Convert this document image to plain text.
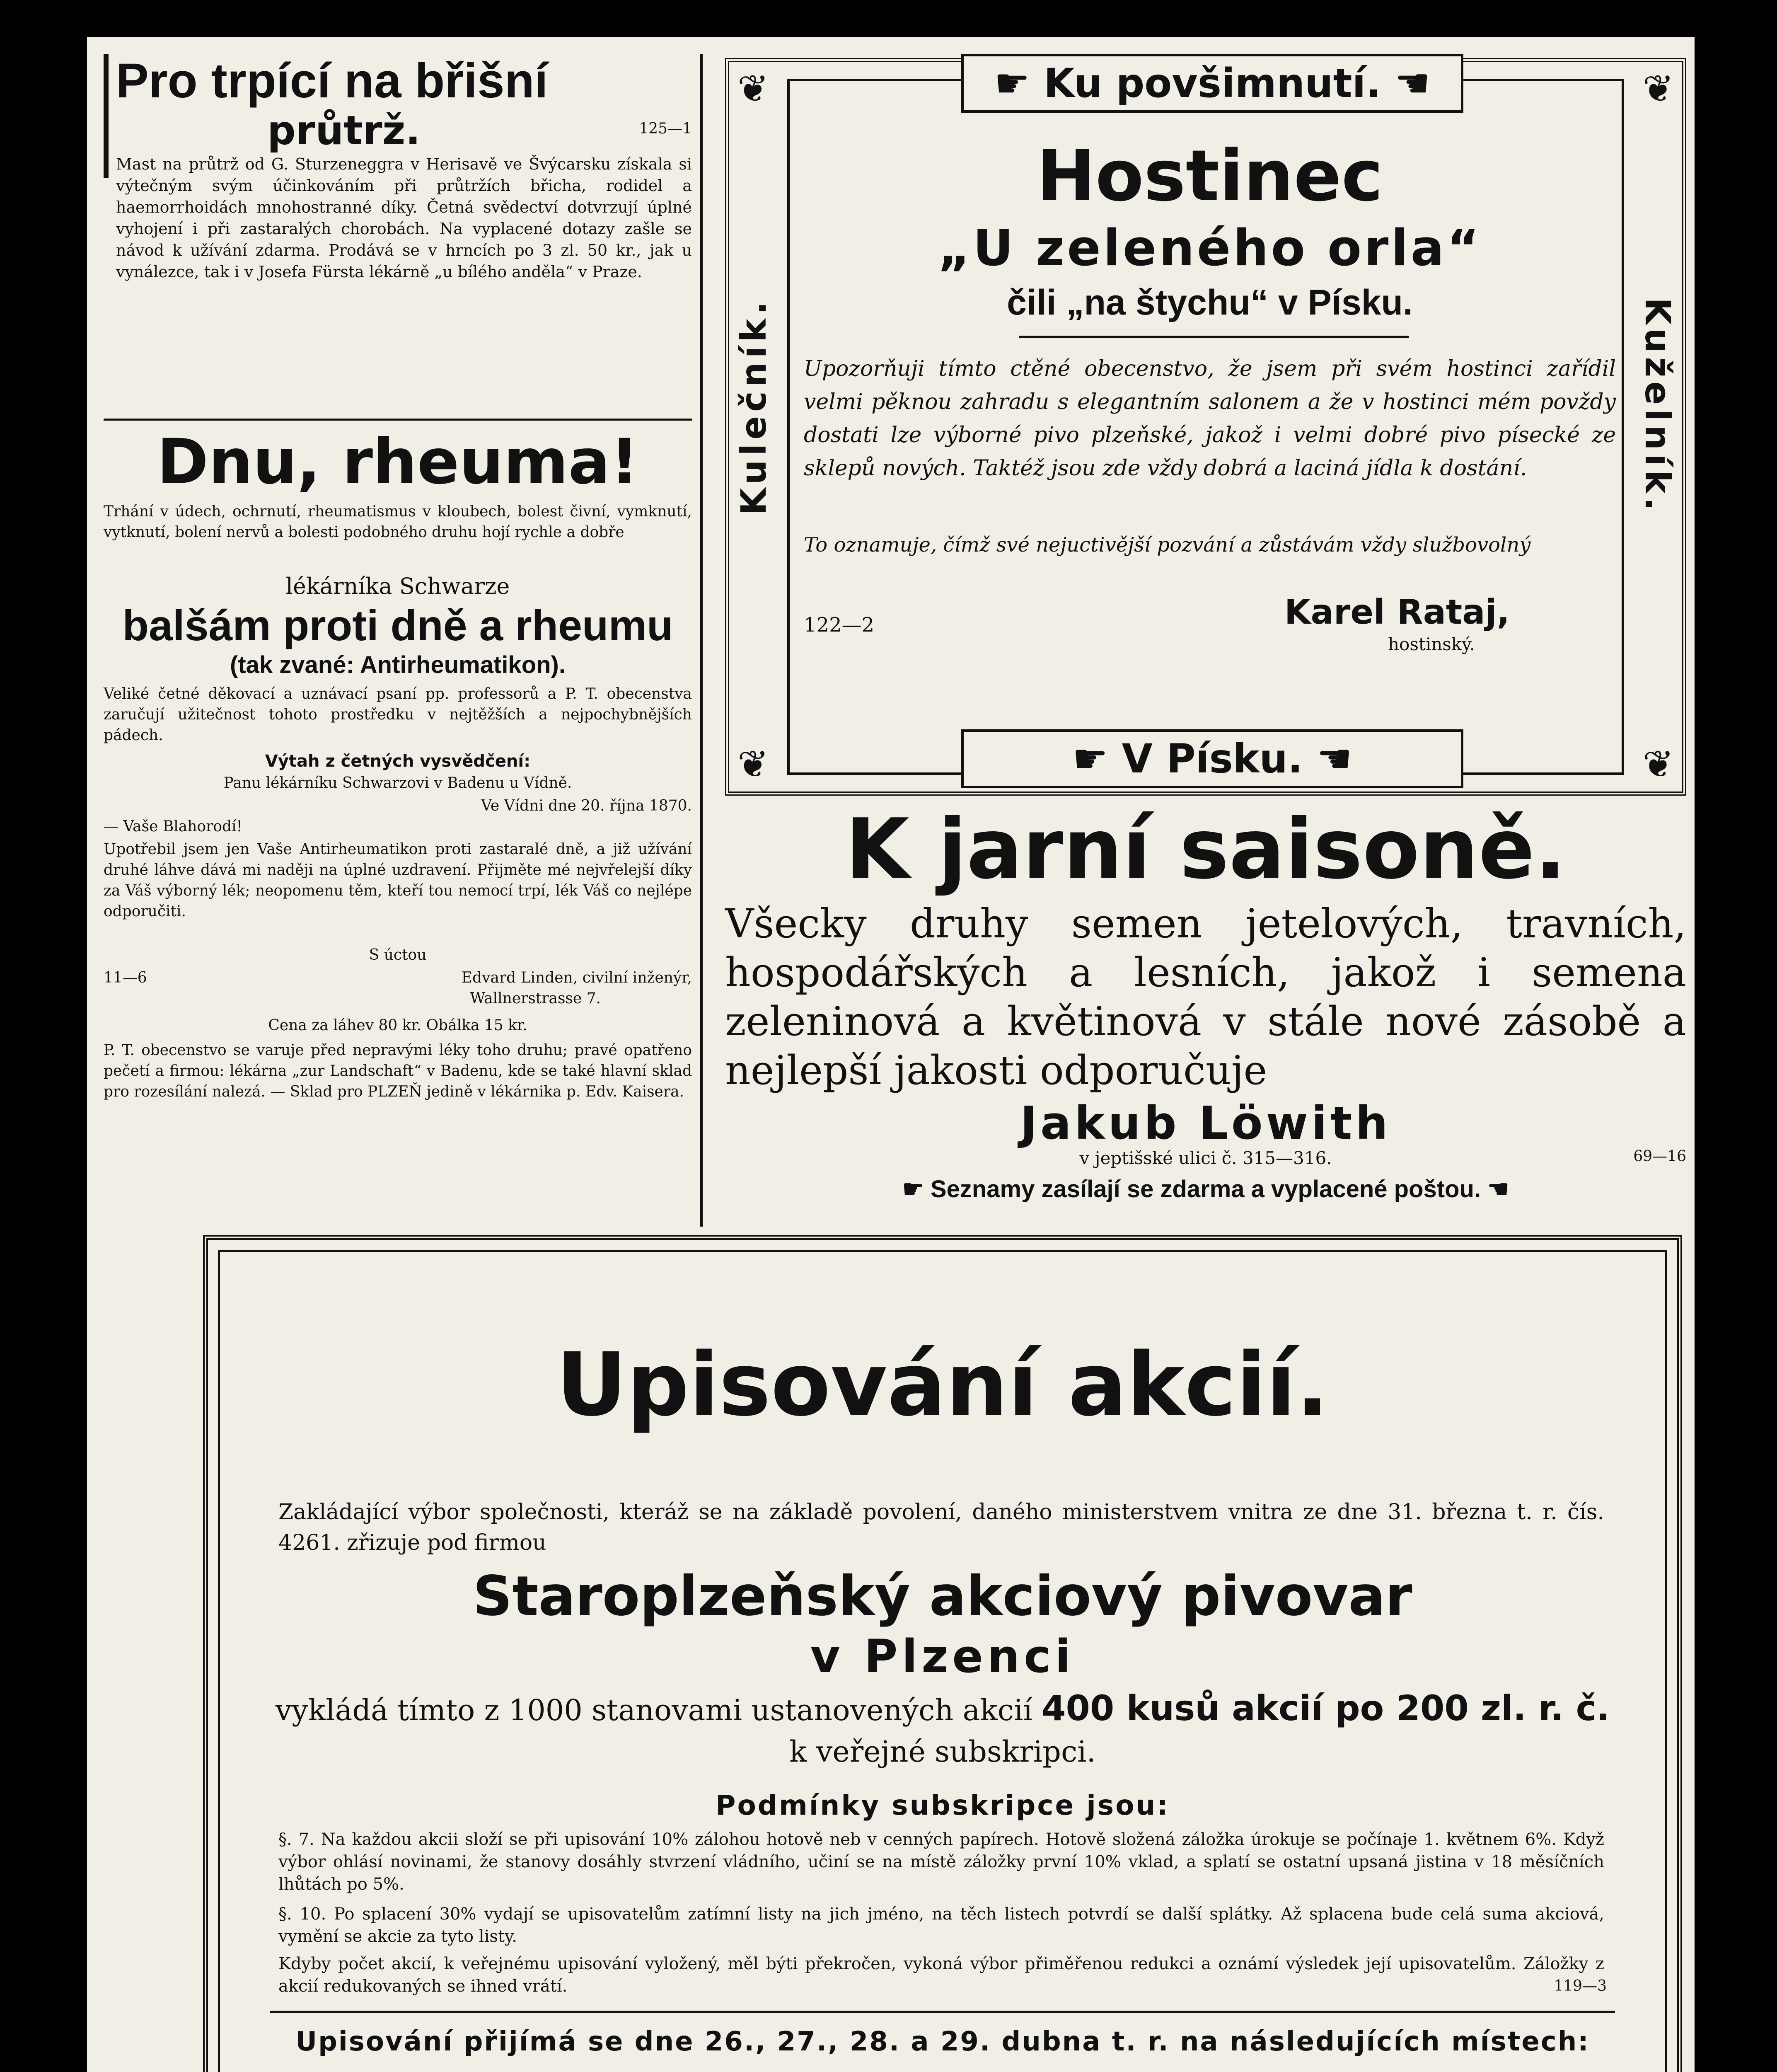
Pro trpící na břišní
průtrž.	125—1
Mast na průtrž od G. Sturzeneggra v Herisavě ve Švýcarsku získala si výtečným svým účinkováním při průtržích břicha, rodidel a haemorrhoidách mnohostranné díky. Četná svědectví dotvrzují úplné vyhojení i při zastaralých chorobách. Na vyplacené dotazy zašle se návod k užívání zdarma. Prodává se v hrncích po 3 zl. 50 kr., jak u vynálezce, tak i v Josefa Fürsta lékárně „u bílého anděla“ v Praze.
Dnu, rheuma!
Trhání v údech, ochrnutí, rheumatismus v kloubech, bolest čivní, vymknutí, vytknutí, bolení nervů a bolesti podobného druhu hojí rychle a dobře
lékárníka Schwarze
balšám proti dně a rheumu
(tak zvané: Antirheumatikon).
Veliké četné děkovací a uznávací psaní pp. professorů a P. T. obecenstva zaručují užitečnost tohoto prostředku v nejtěžších a nejpochybnějších pádech.
Výtah z četných vysvědčení:
Panu lékárníku Schwarzovi v Badenu u Vídně.
Ve Vídni dne 20. října 1870.
— Vaše Blahorodí!
Upotřebil jsem jen Vaše Antirheumatikon proti zastaralé dně, a již užívání druhé láhve dává mi naději na úplné uzdravení. Přijměte mé nejvřelejší díky za Váš výborný lék; neopomenu těm, kteří tou nemocí trpí, lék Váš co nejlépe odporučiti.
S úctou
11—6	Edvard Linden, civilní inženýr,
Wallnerstrasse 7.
Cena za láhev 80 kr. Obálka 15 kr.
P. T. obecenstvo se varuje před nepravými léky toho druhu; pravé opatřeno pečetí a firmou: lékárna „zur Landschaft“ v Badenu, kde se také hlavní sklad pro rozesílání nalezá. — Sklad pro PLZEŇ jedině v lékárnika p. Edv. Kaisera.
❦	❦
❦	❦
☛ Ku povšimnutí. ☚
Kulečník.	Kuželník.
Hostinec
„U zeleného orla“
čili „na štychu“ v Písku.
Upozorňuji tímto ctěné obecenstvo, že jsem při svém hostinci zařídil velmi pěknou zahradu s elegantním salonem a že v hostinci mém povždy dostati lze výborné pivo plzeňské, jakož i velmi dobré pivo písecké ze sklepů nových. Taktéž jsou zde vždy dobrá a laciná jídla k dostání.
To oznamuje, čímž své nejuctivější pozvání a zůstávám vždy službovolný
122—2	Karel Rataj,
hostinský.
☛ V Písku. ☚
K jarní saisoně.
Všecky druhy semen jetelových, travních, hospodářských a lesních, jakož i semena zeleninová a květinová v stále nové zásobě a nejlepší jakosti odporučuje
Jakub Löwith
v jeptišské ulici č. 315—316.	69—16
☛ Seznamy zasílají se zdarma a vyplacené poštou. ☚
Upisování akcií.
Zakládající výbor společnosti, kteráž se na základě povolení, daného ministerstvem vnitra ze dne 31. března t. r. čís. 4261. zřizuje pod firmou
Staroplzeňský akciový pivovar
v Plzenci
vykládá tímto z 1000 stanovami ustanovených akcií 400 kusů akcií po 200 zl. r. č. k veřejné subskripci.
Podmínky subskripce jsou:
§. 7. Na každou akcii složí se při upisování 10% zálohou hotově neb v cenných papírech. Hotově složená záložka úrokuje se počínaje 1. květnem 6%. Když výbor ohlásí novinami, že stanovy dosáhly stvrzení vládního, učiní se na místě záložky první 10% vklad, a splatí se ostatní upsaná jistina v 18 měsíčních lhůtách po 5%.
§. 10. Po splacení 30% vydají se upisovatelům zatímní listy na jich jméno, na těch listech potvrdí se další splátky. Až splacena bude celá suma akciová, vymění se akcie za tyto listy.
Kdyby počet akcií, k veřejnému upisování vyložený, měl býti překročen, vykoná výbor přiměřenou redukci a oznámí výsledek její upisovatelům. Záložky z akcií redukovaných se ihned vrátí.	119—3
Upisování přijímá se dne 26., 27., 28. a 29. dubna t. r. na následujících místech:
